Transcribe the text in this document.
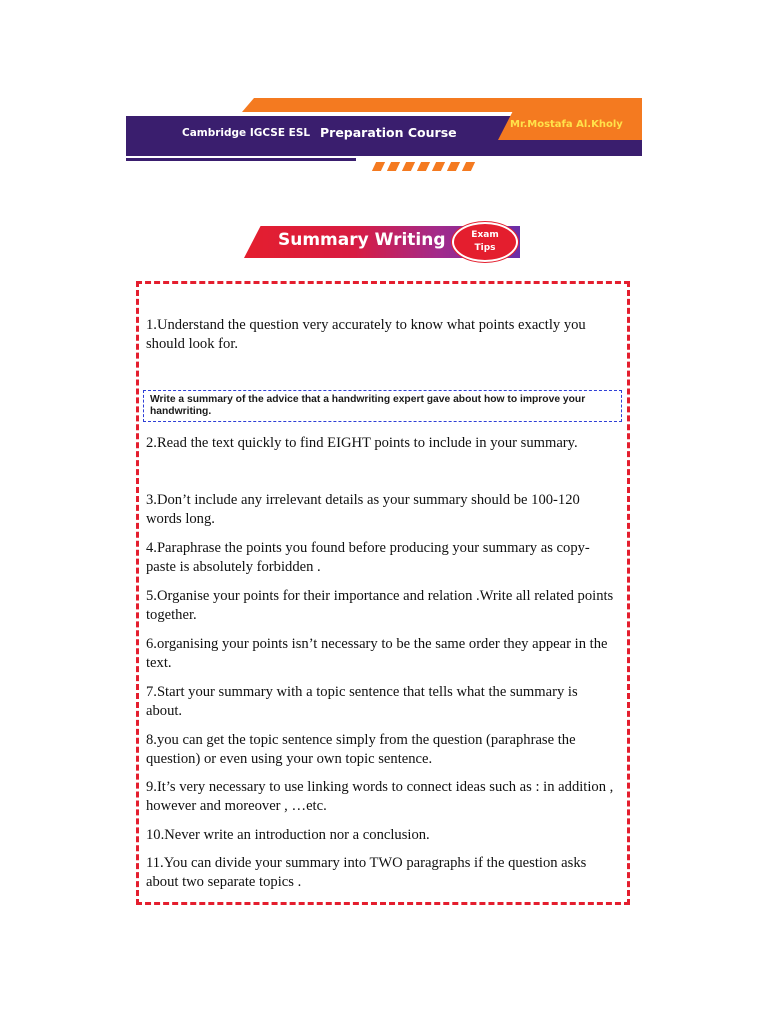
Cambridge IGCSE ESL Preparation Course
Mr.Mostafa Al.Kholy
Summary Writing	Exam
Tips
1.Understand the question very accurately to know what points exactly you should look for.
Write a summary of the advice that a handwriting expert gave about how to improve your handwriting.
2.Read the text quickly to find EIGHT points to include in your summary.
3.Don’t include any irrelevant details as your summary should be 100-120 words long.
4.Paraphrase the points you found before producing your summary as copy-paste is absolutely forbidden .
5.Organise your points for their importance and relation .Write all related points together.
6.organising your points isn’t necessary to be the same order they appear in the text.
7.Start your summary with a topic sentence that tells what the summary is about.
8.you can get the topic sentence simply from the question (paraphrase the question) or even using your own topic sentence.
9.It’s very necessary to use linking words to connect ideas such as : in addition , however and moreover , …etc.
10.Never write an introduction nor a conclusion.
11.You can divide your summary into TWO paragraphs if the question asks about two separate topics .
